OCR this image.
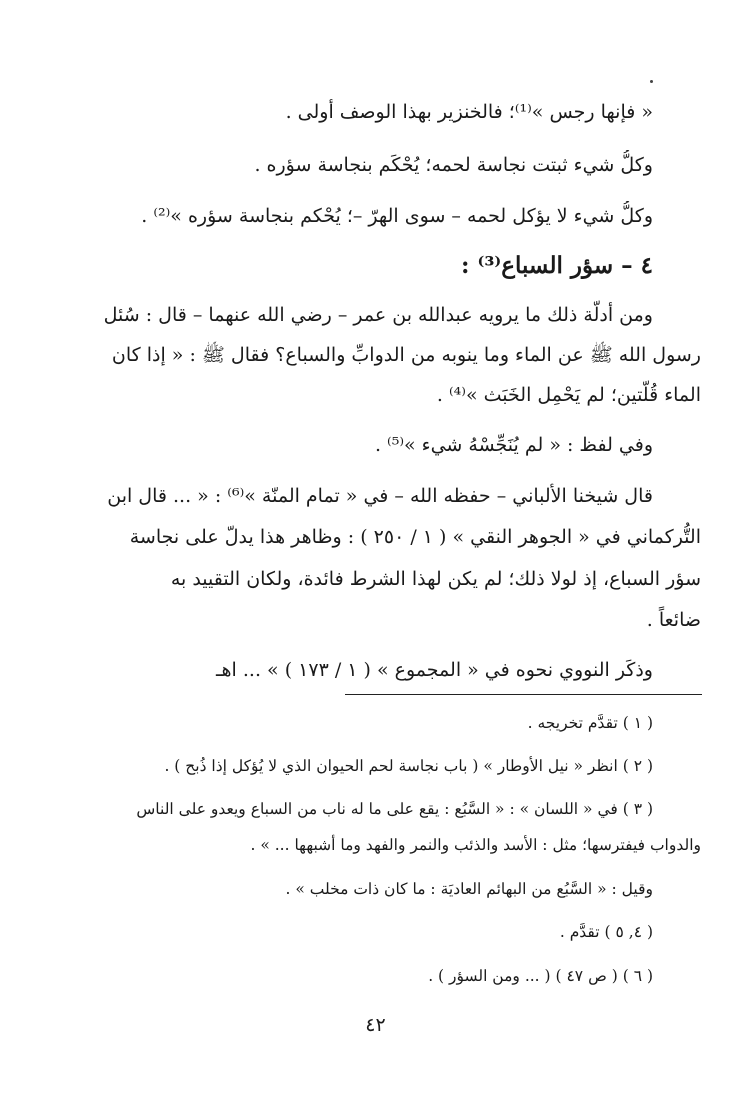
« فإنها رجس »⁽¹⁾؛ فالخنزير بهذا الوصف أولى .
وكلُّ شيء ثبتت نجاسة لحمه؛ يُحْكَم بنجاسة سؤره .
وكلُّ شيء لا يؤكل لحمه – سوى الهرّ –؛ يُحْكم بنجاسة سؤره »⁽²⁾ .
٤ – سؤر السباع⁽³⁾ :
ومن أدلّة ذلك ما يرويه عبدالله بن عمر – رضي الله عنهما – قال : سُئل
رسول الله ﷺ عن الماء وما ينوبه من الدوابِّ والسباع؟ فقال ﷺ : « إذا كان
الماء قُلّتين؛ لم يَحْمِل الخَبَث »⁽⁴⁾ .
وفي لفظ : « لم يُنَجِّسْهُ شيء »⁽⁵⁾ .
قال شيخنا الألباني – حفظه الله – في « تمام المنّة »⁽⁶⁾ : « ... قال ابن
التُّركماني في « الجوهر النقي » ( ١ / ٢٥٠ ) : وظاهر هذا يدلّ على نجاسة
سؤر السباع، إذ لولا ذلك؛ لم يكن لهذا الشرط فائدة، ولكان التقييد به
ضائعاً .
وذكَر النووي نحوه في « المجموع » ( ١ / ١٧٣ ) » ... اهـ
( ١ ) تقدَّم تخريجه .
( ٢ ) انظر « نيل الأوطار » ( باب نجاسة لحم الحيوان الذي لا يُؤكل إذا ذُبح ) .
( ٣ ) في « اللسان » : « السَّبُع : يقع على ما له ناب من السباع ويعدو على الناس
والدواب فيفترسها؛ مثل : الأسد والذئب والنمر والفهد وما أشبهها ... » .
وقيل : « السَّبُع من البهائم العاديَة : ما كان ذات مخلب » .
( ٤, ٥ ) تقدَّم .
( ٦ ) ( ص ٤٧ ) ( ... ومن السؤر ) .
٤٢
